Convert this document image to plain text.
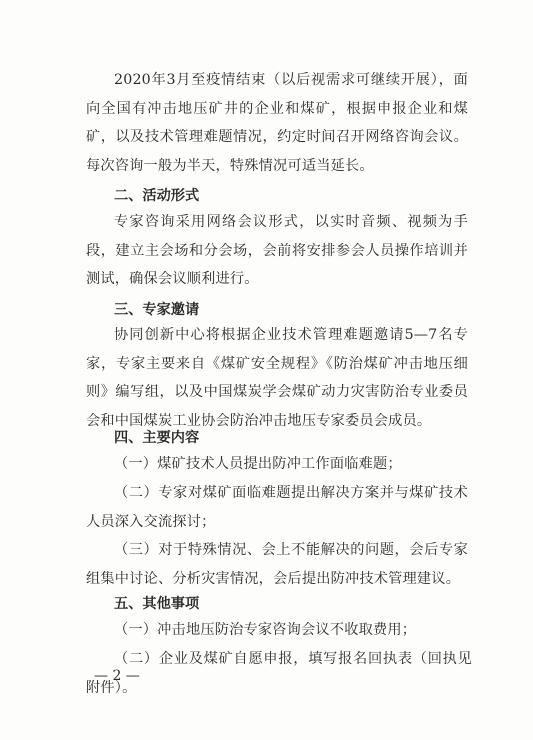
2020年3月至疫情结束（以后视需求可继续开展），面向全国有冲击地压矿井的企业和煤矿，根据申报企业和煤矿，以及技术管理难题情况，约定时间召开网络咨询会议。每次咨询一般为半天，特殊情况可适当延长。
二、活动形式
专家咨询采用网络会议形式，以实时音频、视频为手段，建立主会场和分会场，会前将安排参会人员操作培训并测试，确保会议顺利进行。
三、专家邀请
协同创新中心将根据企业技术管理难题邀请5—7名专家，专家主要来自《煤矿安全规程》《防治煤矿冲击地压细则》编写组，以及中国煤炭学会煤矿动力灾害防治专业委员会和中国煤炭工业协会防治冲击地压专家委员会成员。
四、主要内容
（一）煤矿技术人员提出防冲工作面临难题；
（二）专家对煤矿面临难题提出解决方案并与煤矿技术人员深入交流探讨；
（三）对于特殊情况、会上不能解决的问题，会后专家组集中讨论、分析灾害情况，会后提出防冲技术管理建议。
五、其他事项
（一）冲击地压防治专家咨询会议不收取费用；
（二）企业及煤矿自愿申报，填写报名回执表（回执见附件）。
— 2 —
